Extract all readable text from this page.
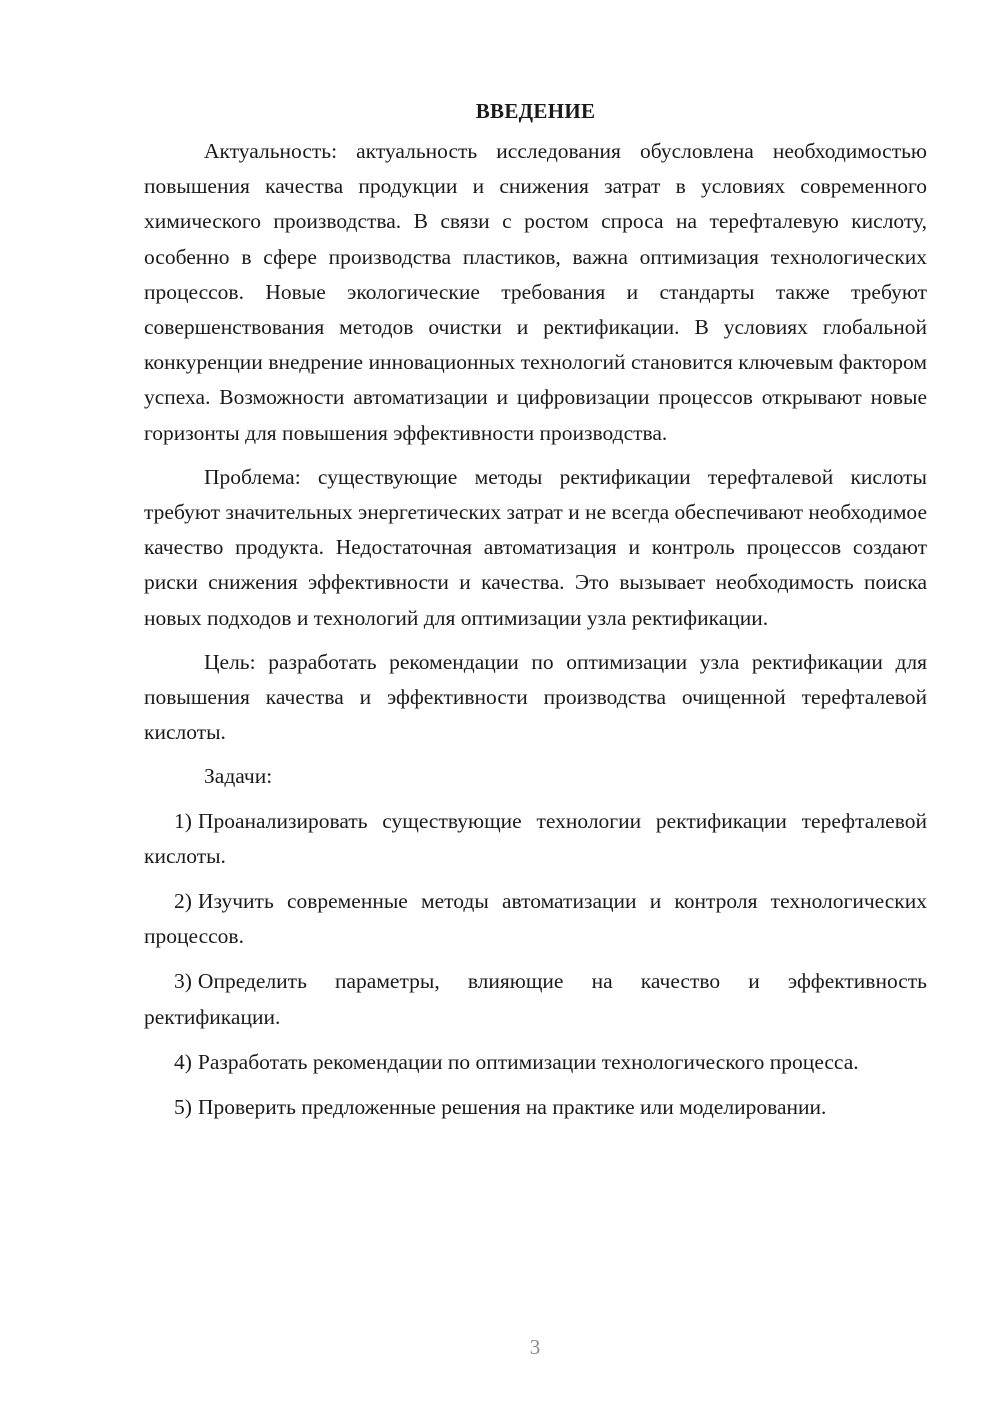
ВВЕДЕНИЕ

Актуальность: актуальность исследования обусловлена необходимостью повышения качества продукции и снижения затрат в условиях современного химического производства. В связи с ростом спроса на терефталевую кислоту, особенно в сфере производства пластиков, важна оптимизация технологических процессов. Новые экологические требования и стандарты также требуют совершенствования методов очистки и ректификации. В условиях глобальной конкуренции внедрение инновационных технологий становится ключевым фактором успеха. Возможности автоматизации и цифровизации процессов открывают новые горизонты для повышения эффективности производства.

Проблема: существующие методы ректификации терефталевой кислоты требуют значительных энергетических затрат и не всегда обеспечивают необходимое качество продукта. Недостаточная автоматизация и контроль процессов создают риски снижения эффективности и качества. Это вызывает необходимость поиска новых подходов и технологий для оптимизации узла ректификации.

Цель: разработать рекомендации по оптимизации узла ректификации для повышения качества и эффективности производства очищенной терефталевой кислоты.

Задачи:

1) Проанализировать существующие технологии ректификации терефталевой кислоты.

2) Изучить современные методы автоматизации и контроля технологических процессов.

3) Определить параметры, влияющие на качество и эффективность ректификации.

4) Разработать рекомендации по оптимизации технологического процесса.

5) Проверить предложенные решения на практике или моделировании.

3
